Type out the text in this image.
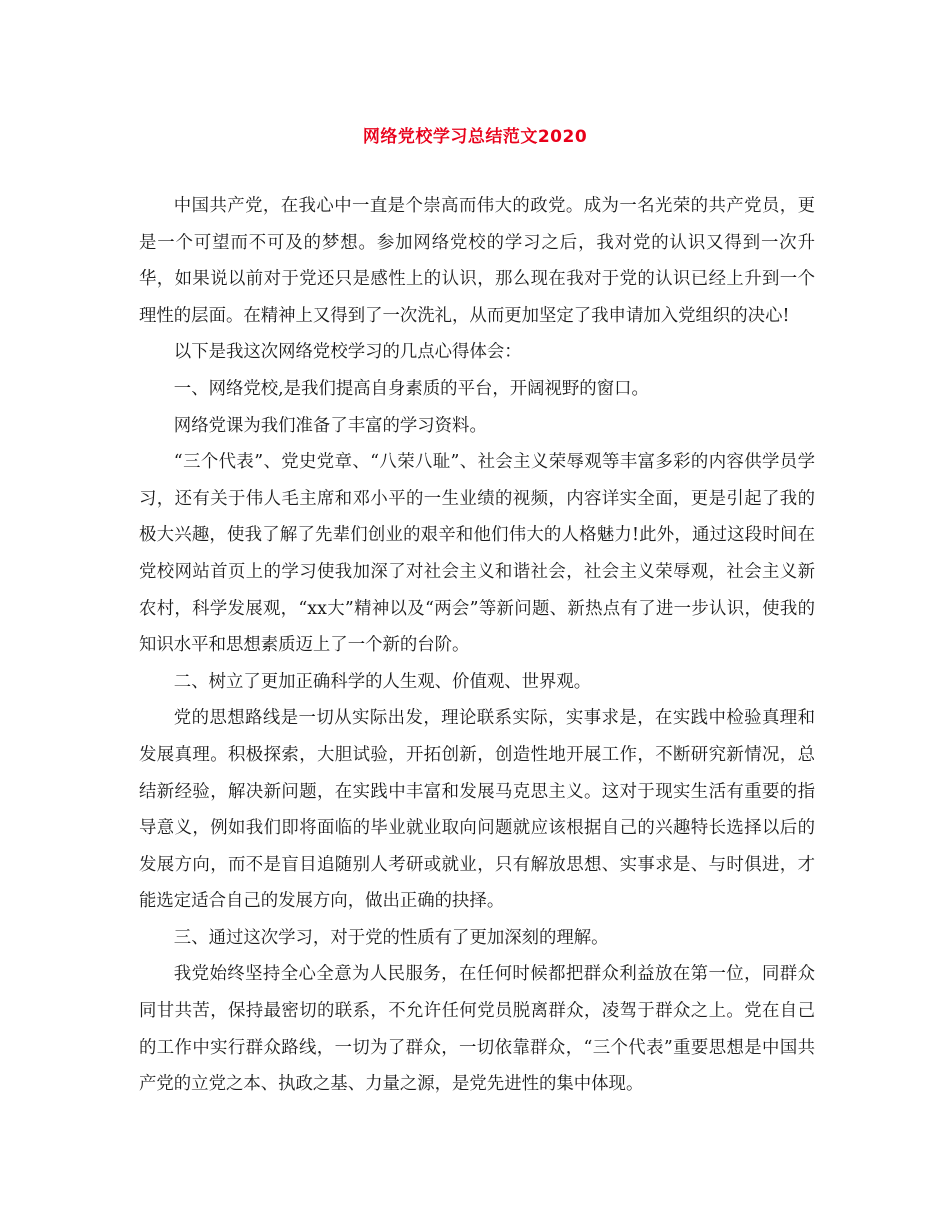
网络党校学习总结范文2020

中国共产党，在我心中一直是个崇高而伟大的政党。成为一名光荣的共产党员，更是一个可望而不可及的梦想。参加网络党校的学习之后，我对党的认识又得到一次升华，如果说以前对于党还只是感性上的认识，那么现在我对于党的认识已经上升到一个理性的层面。在精神上又得到了一次洗礼，从而更加坚定了我申请加入党组织的决心!

以下是我这次网络党校学习的几点心得体会：

一、网络党校,是我们提高自身素质的平台，开阔视野的窗口。

网络党课为我们准备了丰富的学习资料。

“三个代表”、党史党章、“八荣八耻”、社会主义荣辱观等丰富多彩的内容供学员学习，还有关于伟人毛主席和邓小平的一生业绩的视频，内容详实全面，更是引起了我的极大兴趣，使我了解了先辈们创业的艰辛和他们伟大的人格魅力!此外，通过这段时间在党校网站首页上的学习使我加深了对社会主义和谐社会，社会主义荣辱观，社会主义新农村，科学发展观，“xx大”精神以及“两会”等新问题、新热点有了进一步认识，使我的知识水平和思想素质迈上了一个新的台阶。

二、树立了更加正确科学的人生观、价值观、世界观。

党的思想路线是一切从实际出发，理论联系实际，实事求是，在实践中检验真理和发展真理。积极探索，大胆试验，开拓创新，创造性地开展工作，不断研究新情况，总结新经验，解决新问题，在实践中丰富和发展马克思主义。这对于现实生活有重要的指导意义，例如我们即将面临的毕业就业取向问题就应该根据自己的兴趣特长选择以后的发展方向，而不是盲目追随别人考研或就业，只有解放思想、实事求是、与时俱进，才能选定适合自己的发展方向，做出正确的抉择。

三、通过这次学习，对于党的性质有了更加深刻的理解。

我党始终坚持全心全意为人民服务，在任何时候都把群众利益放在第一位，同群众同甘共苦，保持最密切的联系，不允许任何党员脱离群众，凌驾于群众之上。党在自己的工作中实行群众路线，一切为了群众，一切依靠群众，“三个代表”重要思想是中国共产党的立党之本、执政之基、力量之源，是党先进性的集中体现。
